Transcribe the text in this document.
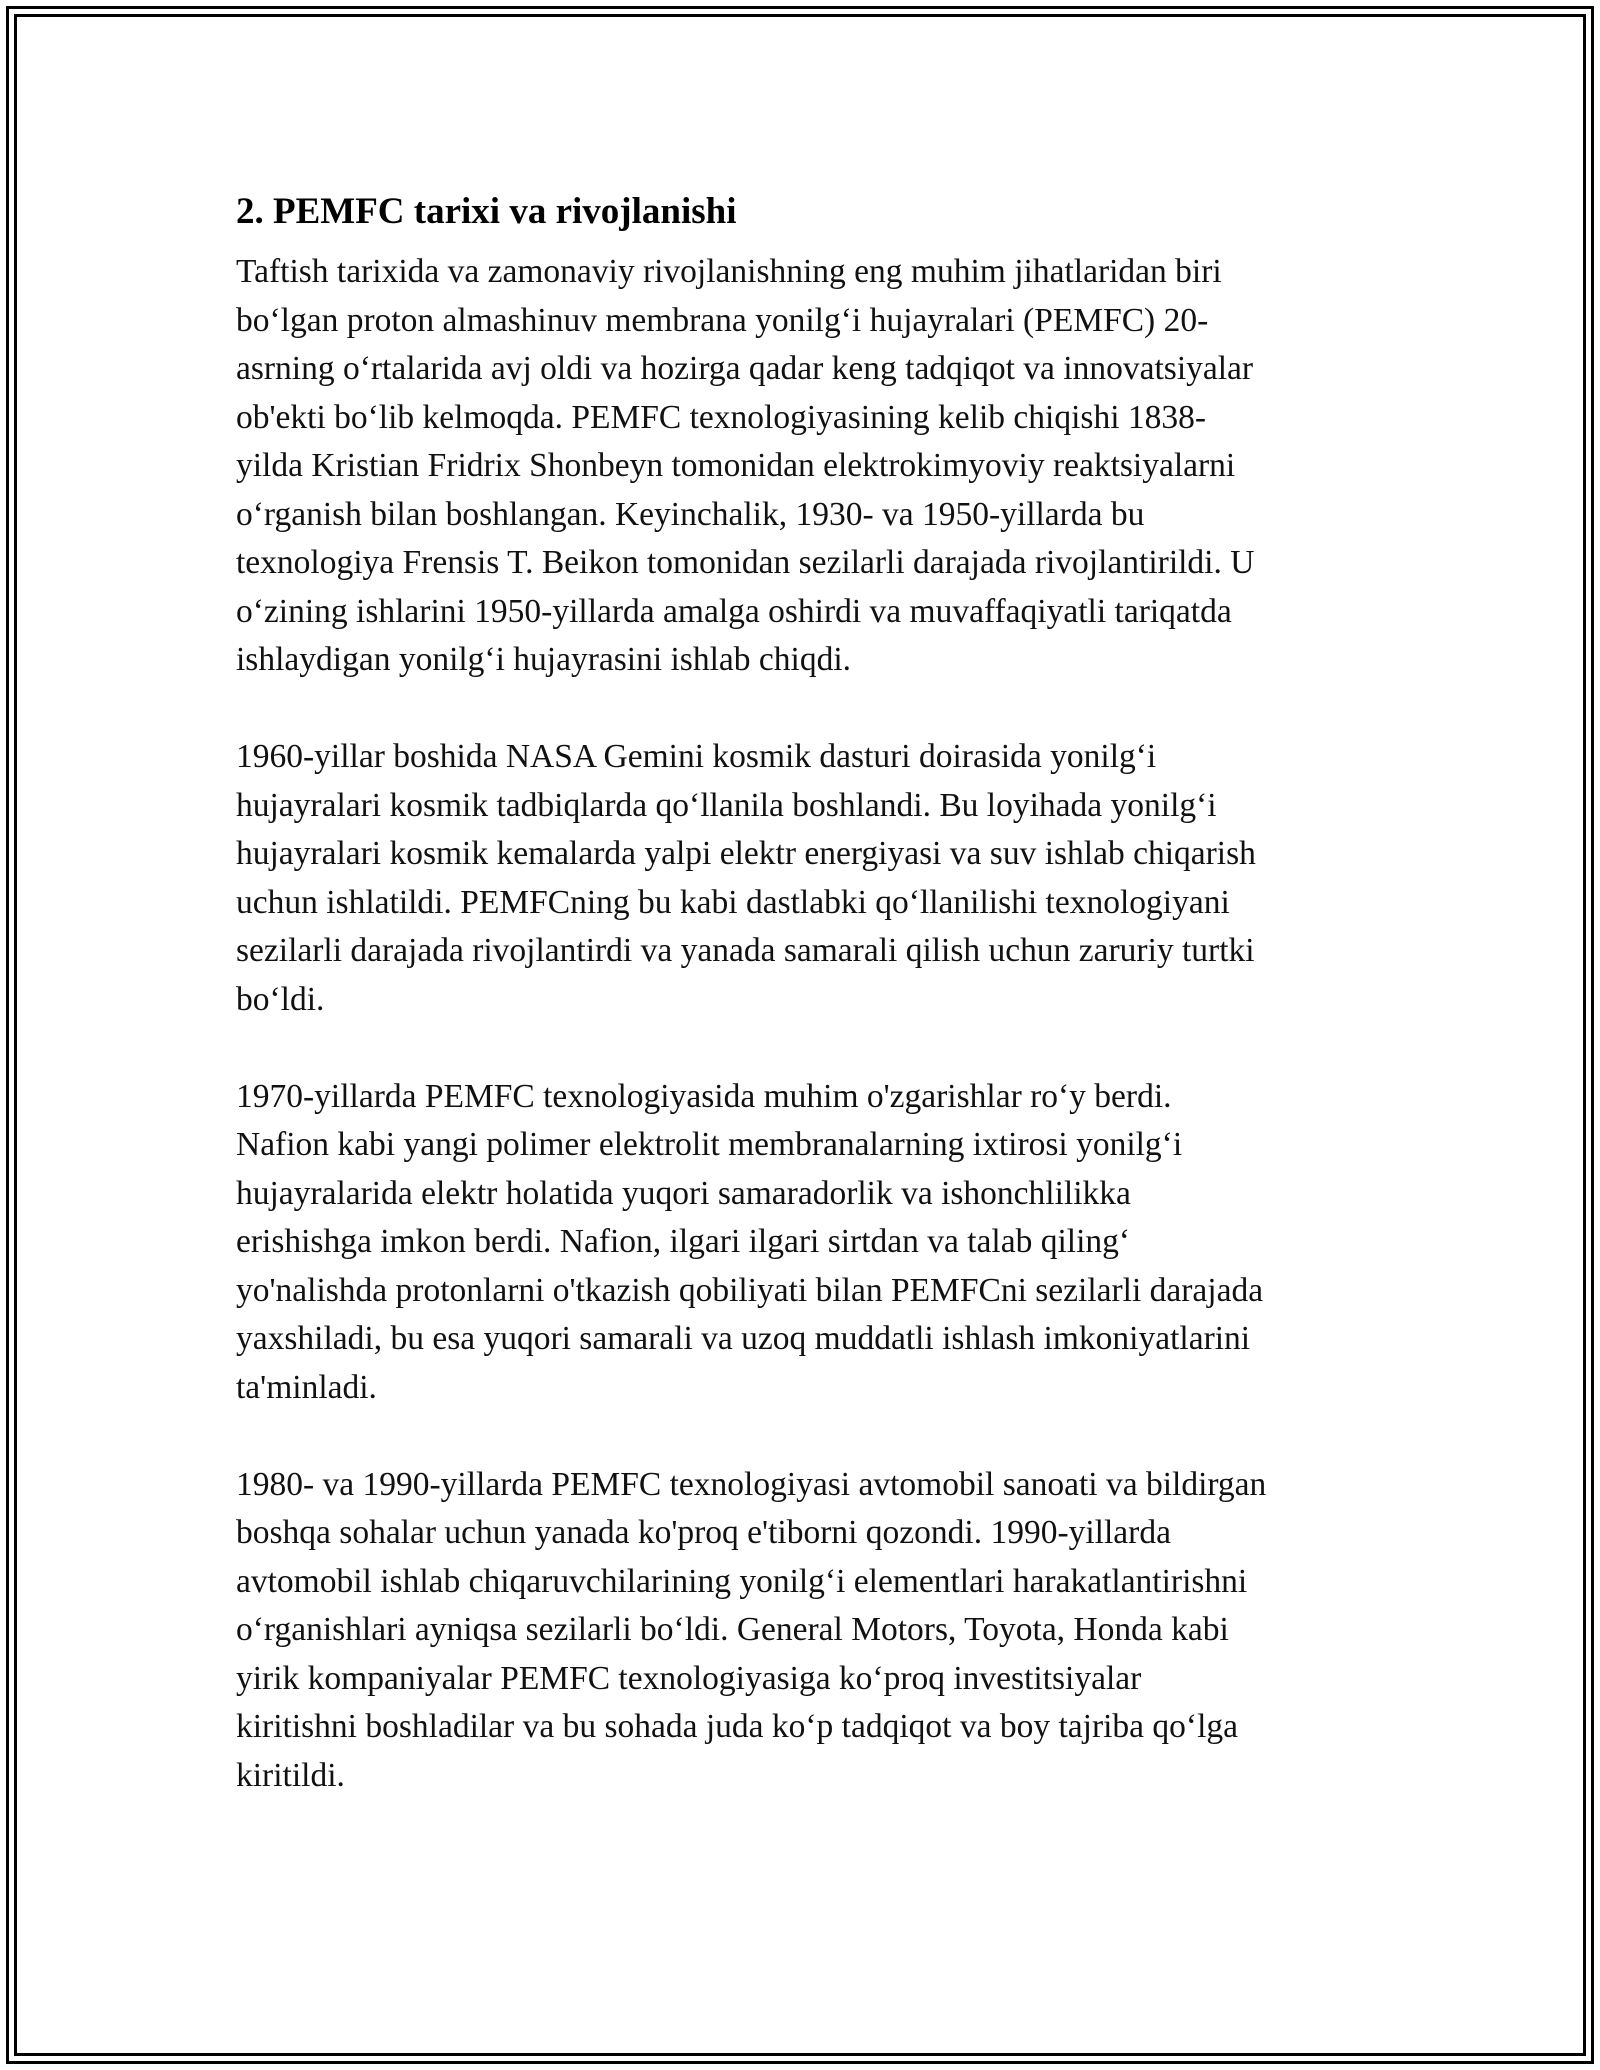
2. PEMFC tarixi va rivojlanishi
Taftish tarixida va zamonaviy rivojlanishning eng muhim jihatlaridan biri
bo‘lgan proton almashinuv membrana yonilg‘i hujayralari (PEMFC) 20-
asrning o‘rtalarida avj oldi va hozirga qadar keng tadqiqot va innovatsiyalar
ob'ekti bo‘lib kelmoqda. PEMFC texnologiyasining kelib chiqishi 1838-
yilda Kristian Fridrix Shonbeyn tomonidan elektrokimyoviy reaktsiyalarni
o‘rganish bilan boshlangan. Keyinchalik, 1930- va 1950-yillarda bu
texnologiya Frensis T. Beikon tomonidan sezilarli darajada rivojlantirildi. U
o‘zining ishlarini 1950-yillarda amalga oshirdi va muvaffaqiyatli tariqatda
ishlaydigan yonilg‘i hujayrasini ishlab chiqdi.
1960-yillar boshida NASA Gemini kosmik dasturi doirasida yonilg‘i
hujayralari kosmik tadbiqlarda qo‘llanila boshlandi. Bu loyihada yonilg‘i
hujayralari kosmik kemalarda yalpi elektr energiyasi va suv ishlab chiqarish
uchun ishlatildi. PEMFCning bu kabi dastlabki qo‘llanilishi texnologiyani
sezilarli darajada rivojlantirdi va yanada samarali qilish uchun zaruriy turtki
bo‘ldi.
1970-yillarda PEMFC texnologiyasida muhim o'zgarishlar ro‘y berdi.
Nafion kabi yangi polimer elektrolit membranalarning ixtirosi yonilg‘i
hujayralarida elektr holatida yuqori samaradorlik va ishonchlilikka
erishishga imkon berdi. Nafion, ilgari ilgari sirtdan va talab qiling‘
yo'nalishda protonlarni o'tkazish qobiliyati bilan PEMFCni sezilarli darajada
yaxshiladi, bu esa yuqori samarali va uzoq muddatli ishlash imkoniyatlarini
ta'minladi.
1980- va 1990-yillarda PEMFC texnologiyasi avtomobil sanoati va bildirgan
boshqa sohalar uchun yanada ko'proq e'tiborni qozondi. 1990-yillarda
avtomobil ishlab chiqaruvchilarining yonilg‘i elementlari harakatlantirishni
o‘rganishlari ayniqsa sezilarli bo‘ldi. General Motors, Toyota, Honda kabi
yirik kompaniyalar PEMFC texnologiyasiga ko‘proq investitsiyalar
kiritishni boshladilar va bu sohada juda ko‘p tadqiqot va boy tajriba qo‘lga
kiritildi.
